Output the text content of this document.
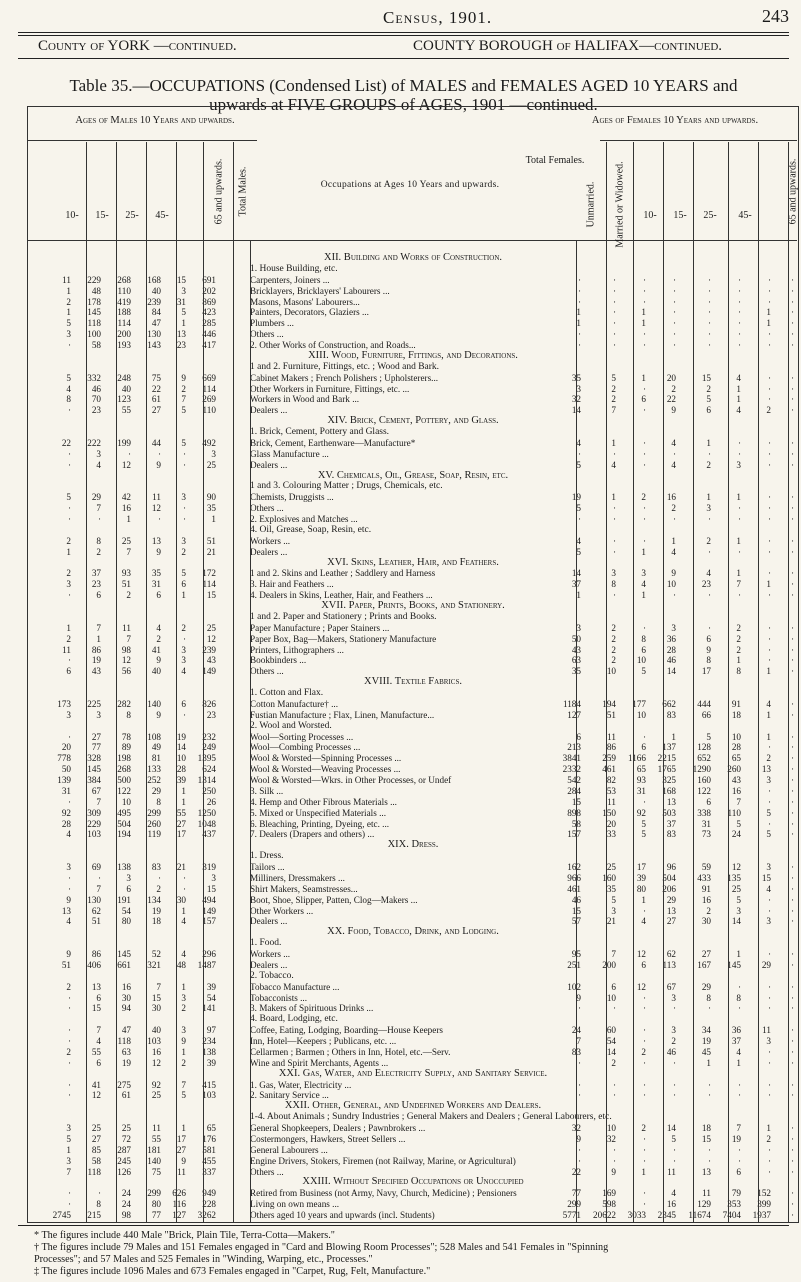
Census, 1901.	243
County of YORK —continued.	COUNTY BOROUGH of HALIFAX—continued.
Table 35.—OCCUPATIONS (Condensed List) of MALES and FEMALES AGED 10 YEARS and
upwards at FIVE GROUPS of AGES, 1901 —continued.
Ages of Males 10 Years and upwards.	Ages of Females 10 Years and upwards.
10-	15-	25-	45-	65 and upwards. Total Males.	Unmarried. Married or Widowed.	10-	15-	25-	45-	65 and upwards.
Occupations at Ages 10 Years and upwards.
Total Females.
XII. Building and Works of Construction.
1. House Building, etc.
11	229	268	168	15	691	Carpenters, Joiners ...	·	·	·	·	·	·	·	·
1	48	110	40	3	202	Bricklayers, Bricklayers' Labourers ...	·	·	·	·	·	·	·	·
2	178	419	239	31	869	Masons, Masons' Labourers...	·	·	·	·	·	·	·	·
1	145	188	84	5	423	Painters, Decorators, Glaziers ...	1	·	1	·	·	·	1	·
5	118	114	47	1	285	Plumbers ...	1	·	1	·	·	·	1	·
3	100	200	130	13	446	Others ...	·	·	·	·	·	·	·	·
·	58	193	143	23	417	2. Other Works of Construction, and Roads...	·	·	·	·	·	·	·	·
XIII. Wood, Furniture, Fittings, and Decorations.
1 and 2. Furniture, Fittings, etc. ; Wood and Bark.
5	332	248	75	9	669	Cabinet Makers ; French Polishers ; Upholsterers...	35	5	1	20	15	4	·	·
4	46	40	22	2	114	Other Workers in Furniture, Fittings, etc. ...	3	2	·	2	2	1	·	·
8	70	123	61	7	269	Workers in Wood and Bark ...	32	2	6	22	5	1	·	·
·	23	55	27	5	110	Dealers ...	14	7	·	9	6	4	2	·
XIV. Brick, Cement, Pottery, and Glass.
1. Brick, Cement, Pottery and Glass.
22	222	199	44	5	492	Brick, Cement, Earthenware—Manufacture*	4	1	·	4	1	·	·	·
·	3	·	·	·	3	Glass Manufacture ...	·	·	·	·	·	·	·	·
·	4	12	9	·	25	Dealers ...	5	4	·	4	2	3	·	·
XV. Chemicals, Oil, Grease, Soap, Resin, etc.
1 and 3. Colouring Matter ; Drugs, Chemicals, etc.
5	29	42	11	3	90	Chemists, Druggists ...	19	1	2	16	1	1	·	·
·	7	16	12	·	35	Others ...	5	·	·	2	3	·	·	·
·	·	1	·	·	1	2. Explosives and Matches ...	·	·	·	·	·	·	·	·
4. Oil, Grease, Soap, Resin, etc.
2	8	25	13	3	51	Workers ...	4	·	·	1	2	1	·	·
1	2	7	9	2	21	Dealers ...	5	·	1	4	·	·	·	·
XVI. Skins, Leather, Hair, and Feathers.
2	37	93	35	5	172	1 and 2. Skins and Leather ; Saddlery and Harness	14	3	3	9	4	1	·	·
3	23	51	31	6	114	3. Hair and Feathers ...	37	8	4	10	23	7	1	·
·	6	2	6	1	15	4. Dealers in Skins, Leather, Hair, and Feathers ...	1	·	1	·	·	·	·	·
XVII. Paper, Prints, Books, and Stationery.
1 and 2. Paper and Stationery ; Prints and Books.
1	7	11	4	2	25	Paper Manufacture ; Paper Stainers ...	3	2	·	3	·	2	·	·
2	1	7	2	·	12	Paper Box, Bag—Makers, Stationery Manufacture	50	2	8	36	6	2	·	·
11	86	98	41	3	239	Printers, Lithographers ...	43	2	6	28	9	2	·	·
·	19	12	9	3	43	Bookbinders ...	63	2	10	46	8	1	·	·
6	43	56	40	4	149	Others ...	35	10	5	14	17	8	1	·
XVIII. Textile Fabrics.
1. Cotton and Flax.
173	225	282	140	6	826	Cotton Manufacture† ...	1184	194	177	662	444	91	4	·
3	3	8	9	·	23	Fustian Manufacture ; Flax, Linen, Manufacture...	127	51	10	83	66	18	1	·
2. Wool and Worsted.
·	27	78	108	19	232	Wool—Sorting Processes ...	6	11	·	1	5	10	1	·
20	77	89	49	14	249	Wool—Combing Processes ...	213	86	6	137	128	28	·	·
778	328	198	81	10	1395	Wool & Worsted—Spinning Processes ...	3841	259	1166	2215	652	65	2	·
50	145	268	133	28	624	Wool & Worsted—Weaving Processes ...	2332	461	65	1765	1290	260	13	·
139	384	500	252	39	1314	Wool & Worsted—Wkrs. in Other Processes, or Undef	542	82	93	325	160	43	3	·
31	67	122	29	1	250	3. Silk ...	284	53	31	168	122	16	·	·
·	7	10	8	1	26	4. Hemp and Other Fibrous Materials ...	15	11	·	13	6	7	·	·
92	309	495	299	55	1250	5. Mixed or Unspecified Materials ...	898	150	92	503	338	110	5	·
28	229	504	260	27	1048	6. Bleaching, Printing, Dyeing, etc. ...	58	20	5	37	31	5	·	·
4	103	194	119	17	437	7. Dealers (Drapers and others) ...	157	33	5	83	73	24	5	·
XIX. Dress.
1. Dress.
3	69	138	83	21	319	Tailors ...	162	25	17	96	59	12	3	·
·	·	3	·	·	3	Milliners, Dressmakers ...	966	160	39	504	433	135	15	·
·	7	6	2	·	15	Shirt Makers, Seamstresses...	461	35	80	206	91	25	4	·
9	130	191	134	30	494	Boot, Shoe, Slipper, Patten, Clog—Makers ...	46	5	1	29	16	5	·	·
13	62	54	19	1	149	Other Workers ...	15	3	·	13	2	3	·	·
4	51	80	18	4	157	Dealers ...	57	21	4	27	30	14	3	·
XX. Food, Tobacco, Drink, and Lodging.
1. Food.
9	86	145	52	4	296	Workers ...	95	7	12	62	27	1	·	·
51	406	661	321	48	1487	Dealers ...	251	200	6	113	167	145	29	·
2. Tobacco.
2	13	16	7	1	39	Tobacco Manufacture ...	102	6	12	67	29	·	·	·
·	6	30	15	3	54	Tobacconists ...	9	10	·	3	8	8	·	·
·	15	94	30	2	141	3. Makers of Spirituous Drinks ...	·	·	·	·	·	·	·	·
4. Board, Lodging, etc.
·	7	47	40	3	97	Coffee, Eating, Lodging, Boarding—House Keepers	24	60	·	3	34	36	11	·
·	4	118	103	9	234	Inn, Hotel—Keepers ; Publicans, etc. ...	7	54	·	2	19	37	3	·
2	55	63	16	1	138	Cellarmen ; Barmen ; Others in Inn, Hotel, etc.—Serv.	83	14	2	46	45	4	·	·
·	6	19	12	2	39	Wine and Spirit Merchants, Agents ...	·	2	·	·	1	1	·	·
XXI. Gas, Water, and Electricity Supply, and Sanitary Service.
·	41	275	92	7	415	1. Gas, Water, Electricity ...	·	·	·	·	·	·	·	·
·	12	61	25	5	103	2. Sanitary Service ...	·	·	·	·	·	·	·	·
XXII. Other, General, and Undefined Workers and Dealers.
1-4. About Animals ; Sundry Industries ; General Makers and Dealers ; General Labourers, etc.
3	25	25	11	1	65	General Shopkeepers, Dealers ; Pawnbrokers ...	32	10	2	14	18	7	1	·
5	27	72	55	17	176	Costermongers, Hawkers, Street Sellers ...	9	32	·	5	15	19	2	·
1	85	287	181	27	581	General Labourers ...	·	·	·	·	·	·	·	·
3	58	245	140	9	455	Engine Drivers, Stokers, Firemen (not Railway, Marine, or Agricultural)	·	·	·	·	·	·	·	·
7	118	126	75	11	337	Others ...	22	9	1	11	13	6	·	·
XXIII. Without Specified Occupations or Unoccupied
·	·	24	299	626	949	Retired from Business (not Army, Navy, Church, Medicine) ; Pensioners	77	169	·	4	11	79	152	·
·	8	24	80	116	228	Living on own means ...	299	598	·	16	129	353	399	·
2745	215	98	77	127	3262	Others aged 10 years and upwards (incl. Students)	5771	20622	3033	2345	11674	7404	1937	·
* The figures include 440 Male "Brick, Plain Tile, Terra-Cotta—Makers."
† The figures include 79 Males and 151 Females engaged in "Card and Blowing Room Processes"; 528 Males and 541 Females in "Spinning
Processes"; and 57 Males and 525 Females in "Winding, Warping, etc., Processes."
‡ The figures include 1096 Males and 673 Females engaged in "Carpet, Rug, Felt, Manufacture."
